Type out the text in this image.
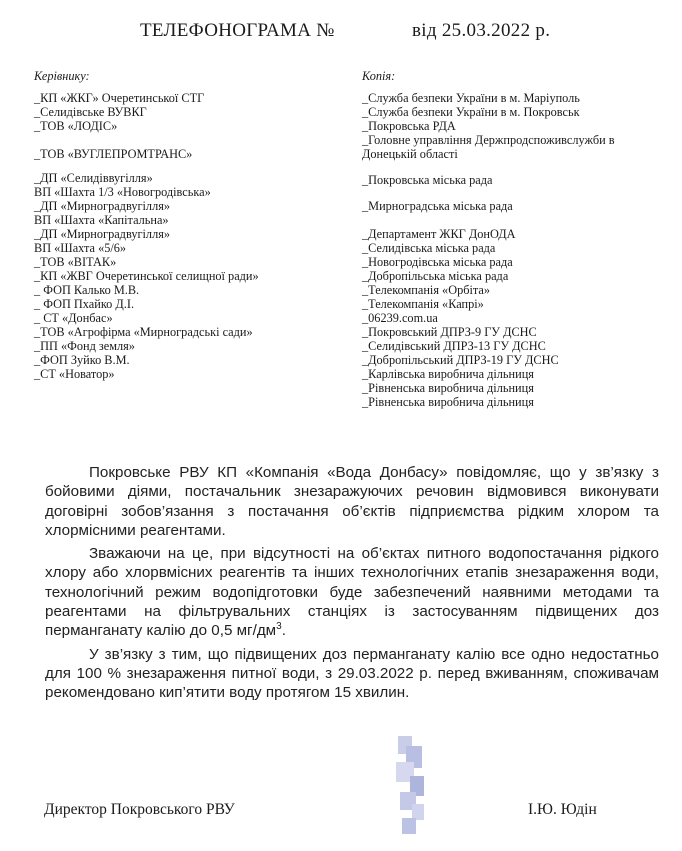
ТЕЛЕФОНОГРАМА №	від 25.03.2022 р.
Керівнику:
_КП «ЖКГ» Очеретинської СТГ
_Селидівське ВУВКГ
_ТОВ «ЛОДІС»
_ТОВ «ВУГЛЕПРОМТРАНС»
_ДП «Селидіввугілля»
ВП «Шахта 1/3 «Новогродівська»
_ДП «Мирноградвугілля»
ВП «Шахта «Капітальна»
_ДП «Мирноградвугілля»
ВП «Шахта «5/6»
_ТОВ «ВІТАК»
_КП «ЖВГ Очеретинської селищної ради»
_ ФОП Калько М.В.
_ ФОП Пхайко Д.І.
_ СТ «Донбас»
_ТОВ «Агрофірма «Мирноградські сади»
_ПП «Фонд земля»
_ФОП Зуйко В.М.
_СТ «Новатор»
Копія:
_Служба безпеки України в м. Маріуполь
_Служба безпеки України в м. Покровськ
_Покровська РДА
_Головне управління Держпродспоживслужби в Донецькій області
_Покровська міська рада
_Мирноградська міська рада
_Департамент ЖКГ ДонОДА
_Селидівська міська рада
_Новогродівська міська рада
_Добропільська міська рада
_Телекомпанія «Орбіта»
_Телекомпанія «Капрі»
_06239.com.ua
_Покровський ДПРЗ-9 ГУ ДСНС
_Селидівський ДПРЗ-13 ГУ ДСНС
_Добропільський ДПРЗ-19 ГУ ДСНС
_Карлівська виробнича дільниця
_Рівненська виробнича дільниця
_Рівненська виробнича дільниця

Покровське РВУ КП «Компанія «Вода Донбасу» повідомляє, що у зв’язку з бойовими діями, постачальник знезаражуючих речовин відмовився виконувати договірні зобов’язання з постачання об’єктів підприємства рідким хлором та хлормісними реагентами.

Зважаючи на це, при відсутності на об’єктах питного водопостачання рідкого хлору або хлорвмісних реагентів та інших технологічних етапів знезараження води, технологічний режим водопідготовки буде забезпечений наявними методами та реагентами на фільтрувальних станціях із застосуванням підвищених доз перманганату калію до 0,5 $мг/дм^3$.

У зв’язку з тим, що підвищених доз перманганату калію все одно недостатньо для 100 % знезараження питної води, з 29.03.2022 р. перед вживанням, споживачам рекомендовано кип’ятити воду протягом 15 хвилин.

Директор Покровського РВУ	І.Ю. Юдін
